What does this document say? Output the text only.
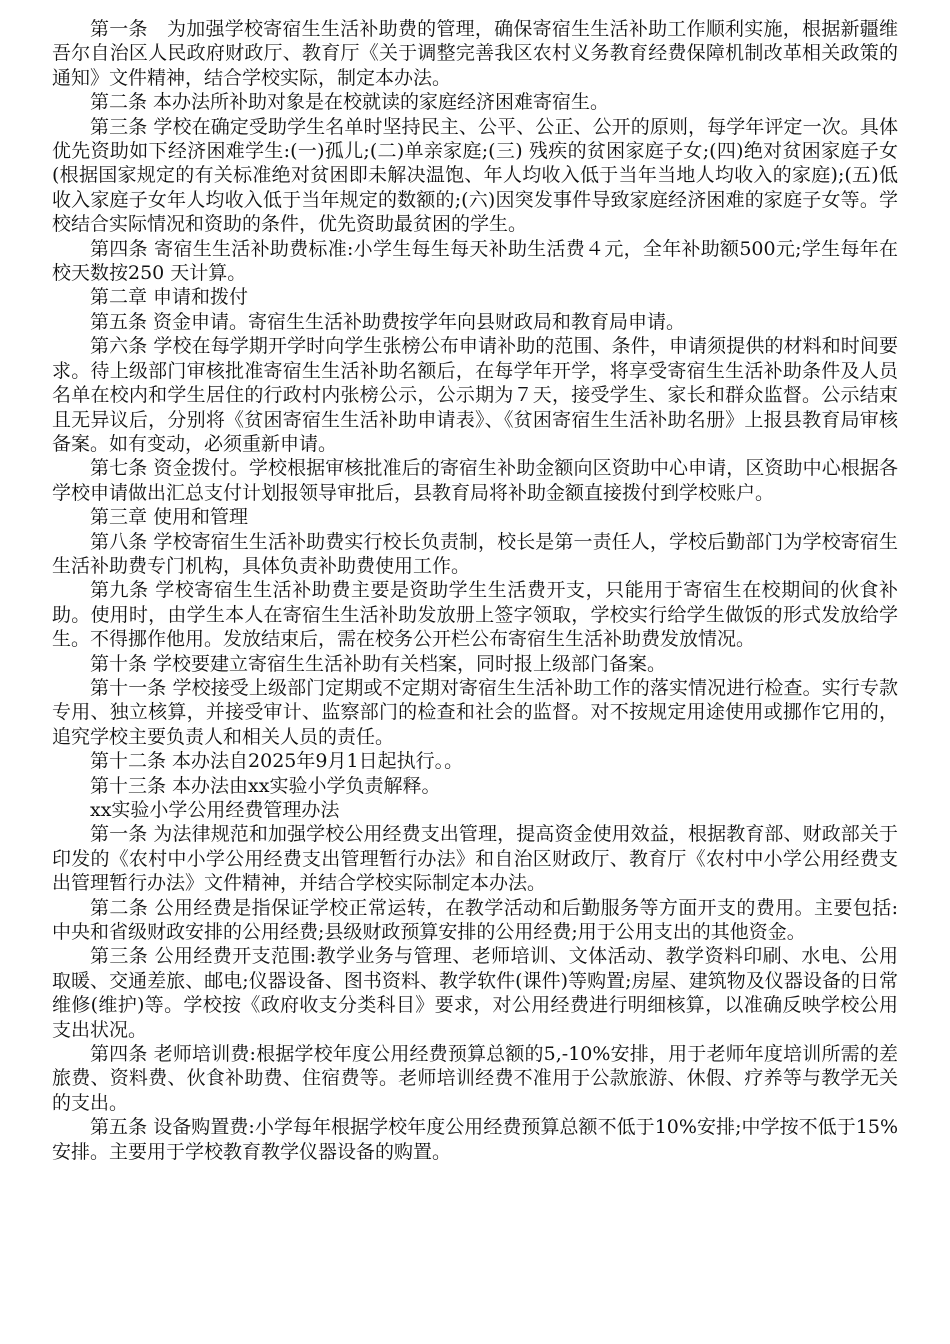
第一条　为加强学校寄宿生生活补助费的管理，确保寄宿生生活补助工作顺利实施，根据新疆维吾尔自治区人民政府财政厅、教育厅《关于调整完善我区农村义务教育经费保障机制改革相关政策的通知》文件精神，结合学校实际，制定本办法。

第二条 本办法所补助对象是在校就读的家庭经济困难寄宿生。

第三条 学校在确定受助学生名单时坚持民主、公平、公正、公开的原则，每学年评定一次。具体优先资助如下经济困难学生:(一)孤儿;(二)单亲家庭;(三) 残疾的贫困家庭子女;(四)绝对贫困家庭子女(根据国家规定的有关标准绝对贫困即未解决温饱、年人均收入低于当年当地人均收入的家庭);(五)低收入家庭子女年人均收入低于当年规定的数额的;(六)因突发事件导致家庭经济困难的家庭子女等。学校结合实际情况和资助的条件，优先资助最贫困的学生。

第四条 寄宿生生活补助费标准:小学生每生每天补助生活费４元，全年补助额500元;学生每年在校天数按250 天计算。

第二章 申请和拨付

第五条 资金申请。寄宿生生活补助费按学年向县财政局和教育局申请。

第六条 学校在每学期开学时向学生张榜公布申请补助的范围、条件，申请须提供的材料和时间要求。待上级部门审核批准寄宿生生活补助名额后，在每学年开学，将享受寄宿生生活补助条件及人员名单在校内和学生居住的行政村内张榜公示，公示期为７天，接受学生、家长和群众监督。公示结束且无异议后，分别将《贫困寄宿生生活补助申请表》、《贫困寄宿生生活补助名册》上报县教育局审核备案。如有变动，必须重新申请。

第七条 资金拨付。学校根据审核批准后的寄宿生补助金额向区资助中心申请，区资助中心根据各学校申请做出汇总支付计划报领导审批后，县教育局将补助金额直接拨付到学校账户。

第三章 使用和管理

第八条 学校寄宿生生活补助费实行校长负责制，校长是第一责任人，学校后勤部门为学校寄宿生生活补助费专门机构，具体负责补助费使用工作。

第九条 学校寄宿生生活补助费主要是资助学生生活费开支，只能用于寄宿生在校期间的伙食补助。使用时，由学生本人在寄宿生生活补助发放册上签字领取，学校实行给学生做饭的形式发放给学生。不得挪作他用。发放结束后，需在校务公开栏公布寄宿生生活补助费发放情况。

第十条 学校要建立寄宿生生活补助有关档案，同时报上级部门备案。

第十一条 学校接受上级部门定期或不定期对寄宿生生活补助工作的落实情况进行检查。实行专款专用、独立核算，并接受审计、监察部门的检查和社会的监督。对不按规定用途使用或挪作它用的，追究学校主要负责人和相关人员的责任。

第十二条 本办法自2025年9月1日起执行。。

第十三条 本办法由xx实验小学负责解释。

xx实验小学公用经费管理办法

第一条 为法律规范和加强学校公用经费支出管理，提高资金使用效益，根据教育部、财政部关于印发的《农村中小学公用经费支出管理暂行办法》和自治区财政厅、教育厅《农村中小学公用经费支出管理暂行办法》文件精神，并结合学校实际制定本办法。

第二条 公用经费是指保证学校正常运转，在教学活动和后勤服务等方面开支的费用。主要包括:中央和省级财政安排的公用经费;县级财政预算安排的公用经费;用于公用支出的其他资金。

第三条 公用经费开支范围:教学业务与管理、老师培训、文体活动、教学资料印刷、水电、公用取暖、交通差旅、邮电;仪器设备、图书资料、教学软件(课件)等购置;房屋、建筑物及仪器设备的日常维修(维护)等。学校按《政府收支分类科目》要求，对公用经费进行明细核算，以准确反映学校公用支出状况。

第四条 老师培训费:根据学校年度公用经费预算总额的5,-10%安排，用于老师年度培训所需的差旅费、资料费、伙食补助费、住宿费等。老师培训经费不准用于公款旅游、休假、疗养等与教学无关的支出。

第五条 设备购置费:小学每年根据学校年度公用经费预算总额不低于10%安排;中学按不低于15%安排。主要用于学校教育教学仪器设备的购置。
